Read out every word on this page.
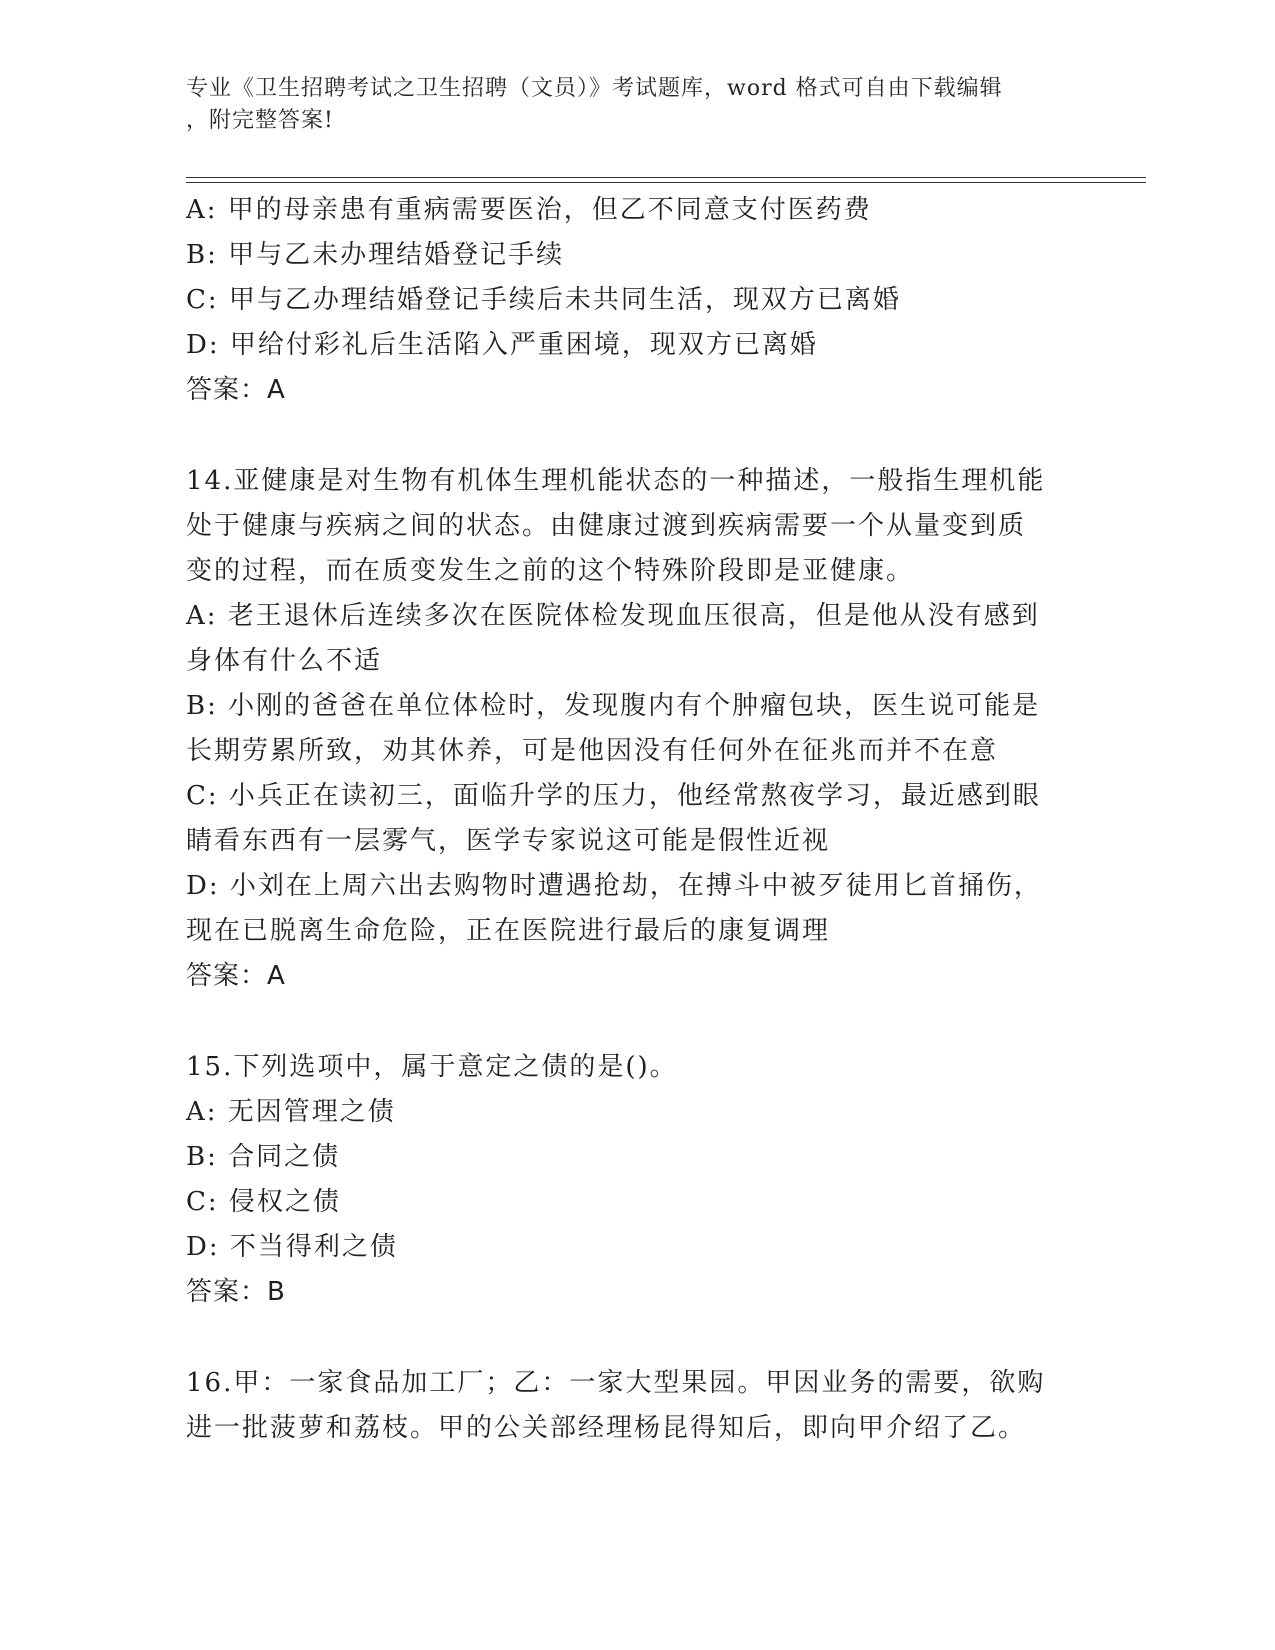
专业《卫生招聘考试之卫生招聘（文员）》考试题库，word 格式可自由下载编辑
，附完整答案!
A: 甲的母亲患有重病需要医治，但乙不同意支付医药费
B: 甲与乙未办理结婚登记手续
C: 甲与乙办理结婚登记手续后未共同生活，现双方已离婚
D: 甲给付彩礼后生活陷入严重困境，现双方已离婚
答案：A
14.亚健康是对生物有机体生理机能状态的一种描述，一般指生理机能
处于健康与疾病之间的状态。由健康过渡到疾病需要一个从量变到质
变的过程，而在质变发生之前的这个特殊阶段即是亚健康。
A: 老王退休后连续多次在医院体检发现血压很高，但是他从没有感到
身体有什么不适
B: 小刚的爸爸在单位体检时，发现腹内有个肿瘤包块，医生说可能是
长期劳累所致，劝其休养，可是他因没有任何外在征兆而并不在意
C: 小兵正在读初三，面临升学的压力，他经常熬夜学习，最近感到眼
睛看东西有一层雾气，医学专家说这可能是假性近视
D: 小刘在上周六出去购物时遭遇抢劫，在搏斗中被歹徒用匕首捅伤，
现在已脱离生命危险，正在医院进行最后的康复调理
答案：A
15.下列选项中，属于意定之债的是()。
A: 无因管理之债
B: 合同之债
C: 侵权之债
D: 不当得利之债
答案：B
16.甲：一家食品加工厂；乙：一家大型果园。甲因业务的需要，欲购
进一批菠萝和荔枝。甲的公关部经理杨昆得知后，即向甲介绍了乙。
